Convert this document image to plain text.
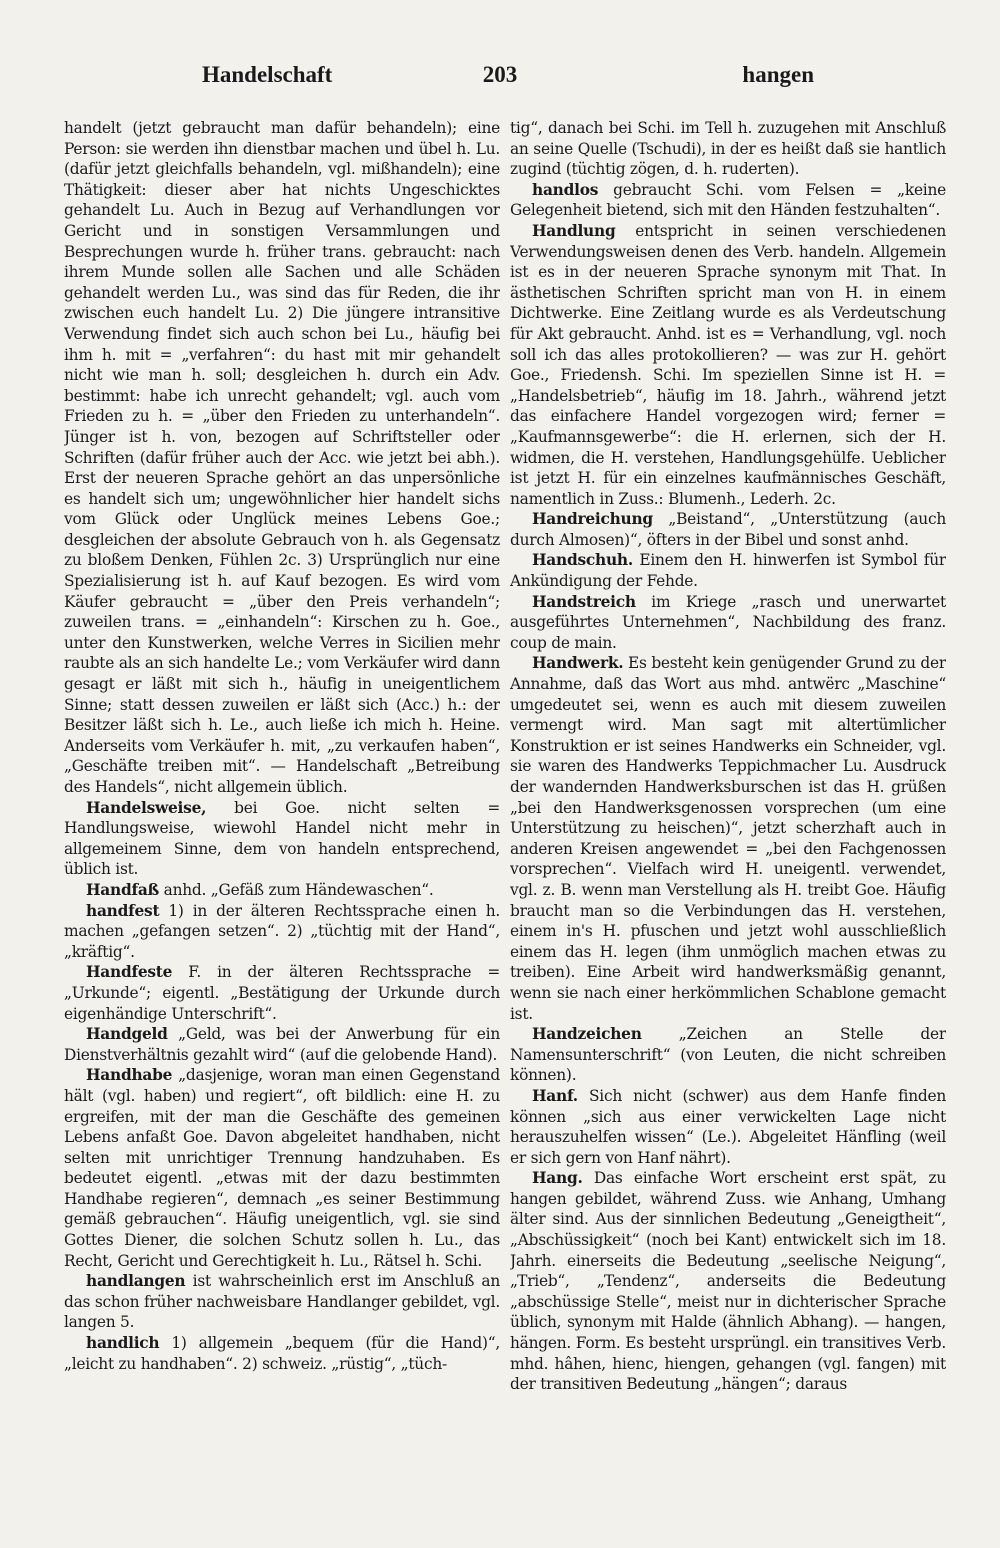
Handelschaft	203	hangen

handelt (jetzt gebraucht man dafür behandeln); eine Person: sie werden ihn dienstbar machen und übel h. Lu. (dafür jetzt gleichfalls behandeln, vgl. mißhandeln); eine Thätigkeit: dieser aber hat nichts Ungeschicktes gehandelt Lu. Auch in Bezug auf Verhandlungen vor Gericht und in sonstigen Versammlungen und Besprechungen wurde h. früher trans. gebraucht: nach ihrem Munde sollen alle Sachen und alle Schäden gehandelt werden Lu., was sind das für Reden, die ihr zwischen euch handelt Lu. 2) Die jüngere intransitive Verwendung findet sich auch schon bei Lu., häufig bei ihm h. mit = „verfahren“: du hast mit mir gehandelt nicht wie man h. soll; desgleichen h. durch ein Adv. bestimmt: habe ich unrecht gehandelt; vgl. auch vom Frieden zu h. = „über den Frieden zu unterhandeln“. Jünger ist h. von, bezogen auf Schriftsteller oder Schriften (dafür früher auch der Acc. wie jetzt bei abh.). Erst der neueren Sprache gehört an das unpersönliche es handelt sich um; ungewöhnlicher hier handelt sichs vom Glück oder Unglück meines Lebens Goe.; desgleichen der absolute Gebrauch von h. als Gegensatz zu bloßem Denken, Fühlen 2c. 3) Ursprünglich nur eine Spezialisierung ist h. auf Kauf bezogen. Es wird vom Käufer gebraucht = „über den Preis verhandeln“; zuweilen trans. = „einhandeln“: Kirschen zu h. Goe., unter den Kunstwerken, welche Verres in Sicilien mehr raubte als an sich handelte Le.; vom Verkäufer wird dann gesagt er läßt mit sich h., häufig in uneigentlichem Sinne; statt dessen zuweilen er läßt sich (Acc.) h.: der Besitzer läßt sich h. Le., auch ließe ich mich h. Heine. Anderseits vom Verkäufer h. mit, „zu verkaufen haben“, „Geschäfte treiben mit“. — Handelschaft „Betreibung des Handels“, nicht allgemein üblich.

Handelsweise, bei Goe. nicht selten = Handlungsweise, wiewohl Handel nicht mehr in allgemeinem Sinne, dem von handeln entsprechend, üblich ist.

Handfaß anhd. „Gefäß zum Händewaschen“.

handfest 1) in der älteren Rechtssprache einen h. machen „gefangen setzen“. 2) „tüchtig mit der Hand“, „kräftig“.

Handfeste F. in der älteren Rechtssprache = „Urkunde“; eigentl. „Bestätigung der Urkunde durch eigenhändige Unterschrift“.

Handgeld „Geld, was bei der Anwerbung für ein Dienstverhältnis gezahlt wird“ (auf die gelobende Hand).

Handhabe „dasjenige, woran man einen Gegenstand hält (vgl. haben) und regiert“, oft bildlich: eine H. zu ergreifen, mit der man die Geschäfte des gemeinen Lebens anfaßt Goe. Davon abgeleitet handhaben, nicht selten mit unrichtiger Trennung handzuhaben. Es bedeutet eigentl. „etwas mit der dazu bestimmten Handhabe regieren“, demnach „es seiner Bestimmung gemäß gebrauchen“. Häufig uneigentlich, vgl. sie sind Gottes Diener, die solchen Schutz sollen h. Lu., das Recht, Gericht und Gerechtigkeit h. Lu., Rätsel h. Schi.

handlangen ist wahrscheinlich erst im Anschluß an das schon früher nachweisbare Handlanger gebildet, vgl. langen 5.

handlich 1) allgemein „bequem (für die Hand)“, „leicht zu handhaben“. 2) schweiz. „rüstig“, „tüch-

tig“, danach bei Schi. im Tell h. zuzugehen mit Anschluß an seine Quelle (Tschudi), in der es heißt daß sie hantlich zugind (tüchtig zögen, d. h. ruderten).

handlos gebraucht Schi. vom Felsen = „keine Gelegenheit bietend, sich mit den Händen festzuhalten“.

Handlung entspricht in seinen verschiedenen Verwendungsweisen denen des Verb. handeln. Allgemein ist es in der neueren Sprache synonym mit That. In ästhetischen Schriften spricht man von H. in einem Dichtwerke. Eine Zeitlang wurde es als Verdeutschung für Akt gebraucht. Anhd. ist es = Verhandlung, vgl. noch soll ich das alles protokollieren? — was zur H. gehört Goe., Friedensh. Schi. Im speziellen Sinne ist H. = „Handelsbetrieb“, häufig im 18. Jahrh., während jetzt das einfachere Handel vorgezogen wird; ferner = „Kaufmannsgewerbe“: die H. erlernen, sich der H. widmen, die H. verstehen, Handlungsgehülfe. Ueblicher ist jetzt H. für ein einzelnes kaufmännisches Geschäft, namentlich in Zuss.: Blumenh., Lederh. 2c.

Handreichung „Beistand“, „Unterstützung (auch durch Almosen)“, öfters in der Bibel und sonst anhd.

Handschuh. Einem den H. hinwerfen ist Symbol für Ankündigung der Fehde.

Handstreich im Kriege „rasch und unerwartet ausgeführtes Unternehmen“, Nachbildung des franz. coup de main.

Handwerk. Es besteht kein genügender Grund zu der Annahme, daß das Wort aus mhd. antwërc „Maschine“ umgedeutet sei, wenn es auch mit diesem zuweilen vermengt wird. Man sagt mit altertümlicher Konstruktion er ist seines Handwerks ein Schneider, vgl. sie waren des Handwerks Teppichmacher Lu. Ausdruck der wandernden Handwerksburschen ist das H. grüßen „bei den Handwerksgenossen vorsprechen (um eine Unterstützung zu heischen)“, jetzt scherzhaft auch in anderen Kreisen angewendet = „bei den Fachgenossen vorsprechen“. Vielfach wird H. uneigentl. verwendet, vgl. z. B. wenn man Verstellung als H. treibt Goe. Häufig braucht man so die Verbindungen das H. verstehen, einem in's H. pfuschen und jetzt wohl ausschließlich einem das H. legen (ihm unmöglich machen etwas zu treiben). Eine Arbeit wird handwerksmäßig genannt, wenn sie nach einer herkömmlichen Schablone gemacht ist.

Handzeichen „Zeichen an Stelle der Namensunterschrift“ (von Leuten, die nicht schreiben können).

Hanf. Sich nicht (schwer) aus dem Hanfe finden können „sich aus einer verwickelten Lage nicht herauszuhelfen wissen“ (Le.). Abgeleitet Hänfling (weil er sich gern von Hanf nährt).

Hang. Das einfache Wort erscheint erst spät, zu hangen gebildet, während Zuss. wie Anhang, Umhang älter sind. Aus der sinnlichen Bedeutung „Geneigtheit“, „Abschüssigkeit“ (noch bei Kant) entwickelt sich im 18. Jahrh. einerseits die Bedeutung „seelische Neigung“, „Trieb“, „Tendenz“, anderseits die Bedeutung „abschüssige Stelle“, meist nur in dichterischer Sprache üblich, synonym mit Halde (ähnlich Abhang). — hangen, hängen. Form. Es besteht ursprüngl. ein transitives Verb. mhd. hâhen, hienc, hiengen, gehangen (vgl. fangen) mit der transitiven Bedeutung „hängen“; daraus
